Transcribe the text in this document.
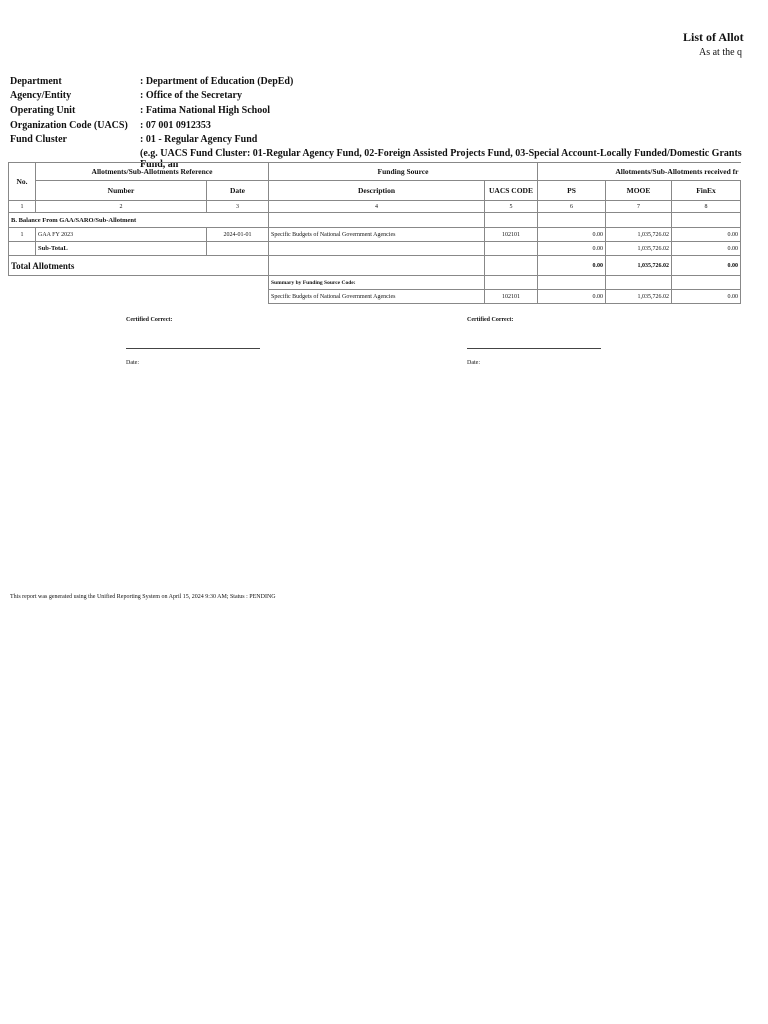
List of Allot
As at the q
Department	: Department of Education (DepEd)
Agency/Entity	: Office of the Secretary
Operating Unit	: Fatima National High School
Organization Code (UACS) : 07 001 0912353
Fund Cluster	: 01 - Regular Agency Fund
(e.g. UACS Fund Cluster: 01-Regular Agency Fund, 02-Foreign Assisted Projects Fund, 03-Special Account-Locally Funded/Domestic Grants Fund, an
No.	Allotments/Sub-Allotments Reference		Funding Source		Allotments/Sub-Allotments received fr		
	Number	Date	Description	UACS CODE	PS	MOOE	FinEx
1	2	3	4	5	6	7	8
B. Balance From GAA/SARO/Sub-Allotment							
1	GAA FY 2023	2024-01-01	Specific Budgets of National Government Agencies	102101	0.00	1,035,726.02	0.00
	Sub-TotaL				0.00	1,035,726.02	0.00
Total Allotments					0.00	1,035,726.02	0.00
			Summary by Funding Source Code:				
			Specific Budgets of National Government Agencies	102101	0.00	1,035,726.02	0.00
Certified Correct:
Date:
Certified Correct:
Date:
This report was generated using the Unified Reporting System on April 15, 2024 9:30 AM; Status : PENDING
